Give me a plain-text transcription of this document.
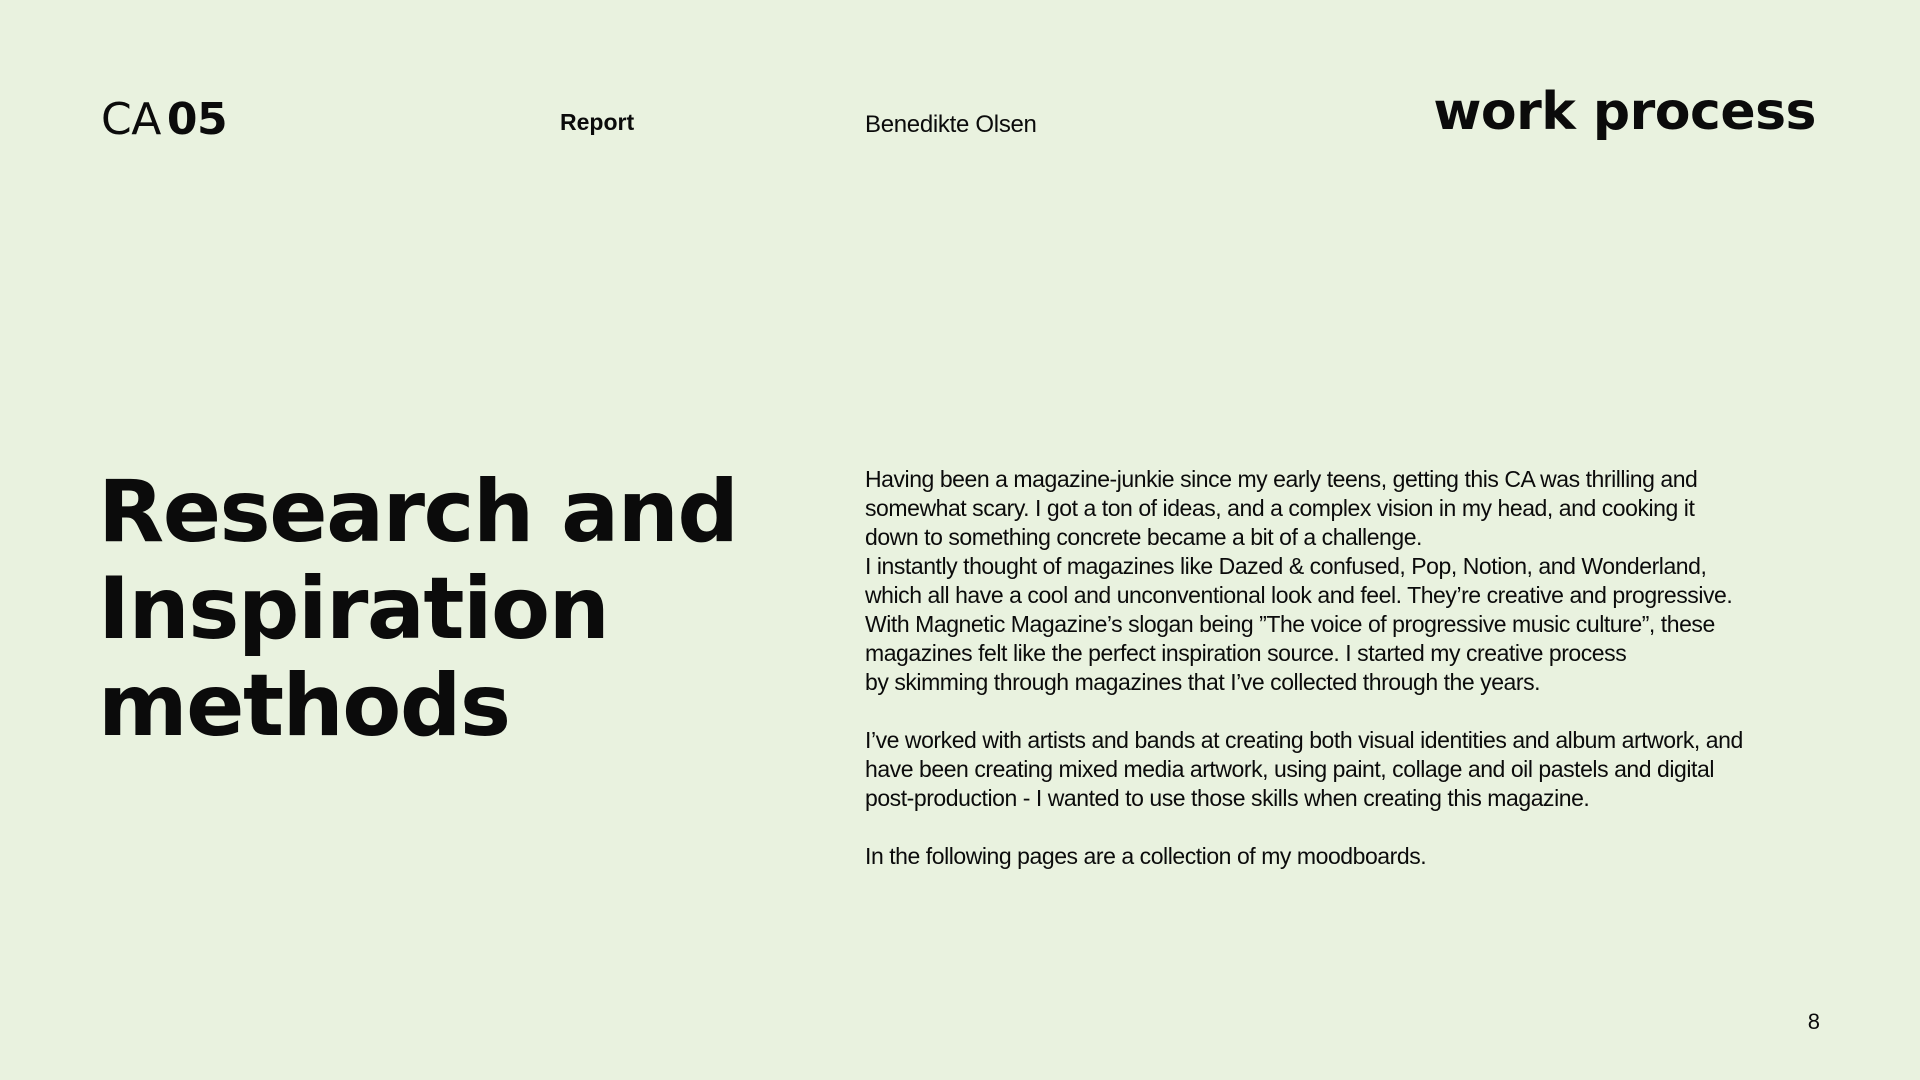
CA 05	Report	Benedikte Olsen	work process
Research and
Inspiration
methods

Having been a magazine-junkie since my early teens, getting this CA was thrilling and
somewhat scary. I got a ton of ideas, and a complex vision in my head, and cooking it
down to something concrete became a bit of a challenge.
I instantly thought of magazines like Dazed & confused, Pop, Notion, and Wonderland,
which all have a cool and unconventional look and feel. They’re creative and progressive.
With Magnetic Magazine’s slogan being ”The voice of progressive music culture”, these
magazines felt like the perfect inspiration source. I started my creative process
by skimming through magazines that I’ve collected through the years.

I’ve worked with artists and bands at creating both visual identities and album artwork, and
have been creating mixed media artwork, using paint, collage and oil pastels and digital
post-production - I wanted to use those skills when creating this magazine.

In the following pages are a collection of my moodboards.

8
